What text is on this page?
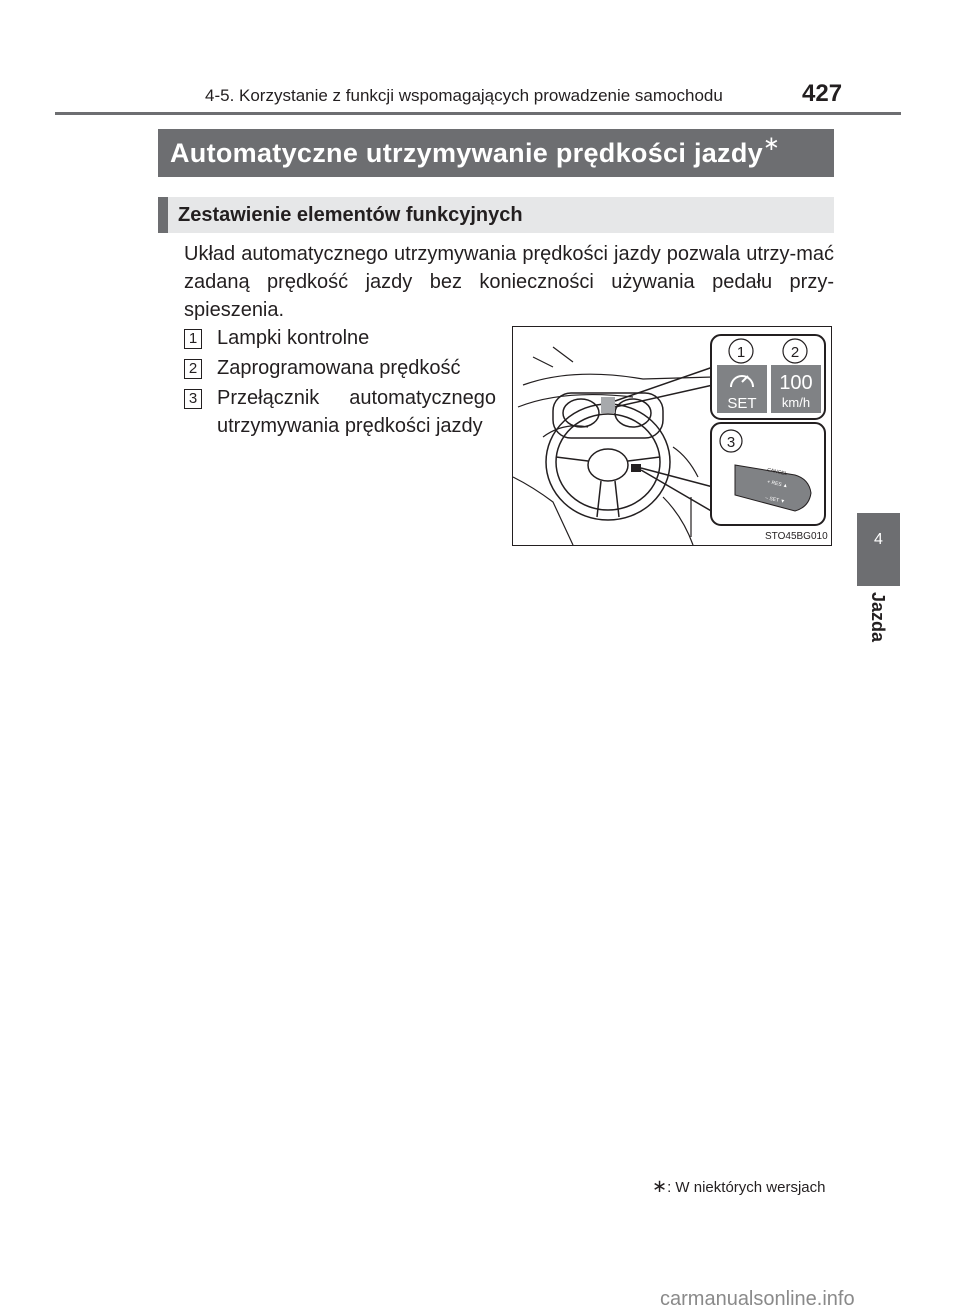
4-5. Korzystanie z funkcji wspomagających prowadzenie samochodu	427
Automatyczne utrzymywanie prędkości jazdy∗
Zestawienie elementów funkcyjnych

Układ automatycznego utrzymywania prędkości jazdy pozwala utrzy-mać zadaną prędkość jazdy bez konieczności używania pedału przy-spieszenia.

1 Lampki kontrolne
2 Zaprogramowana prędkość
3 Przełącznik automatycznego utrzymywania prędkości jazdy
1	2
SET
100
km/h
3
CANCEL
+ RES ▲
– SET ▼
STO45BG010	4
Jazda
∗: W niektórych wersjach
carmanualsonline.info
